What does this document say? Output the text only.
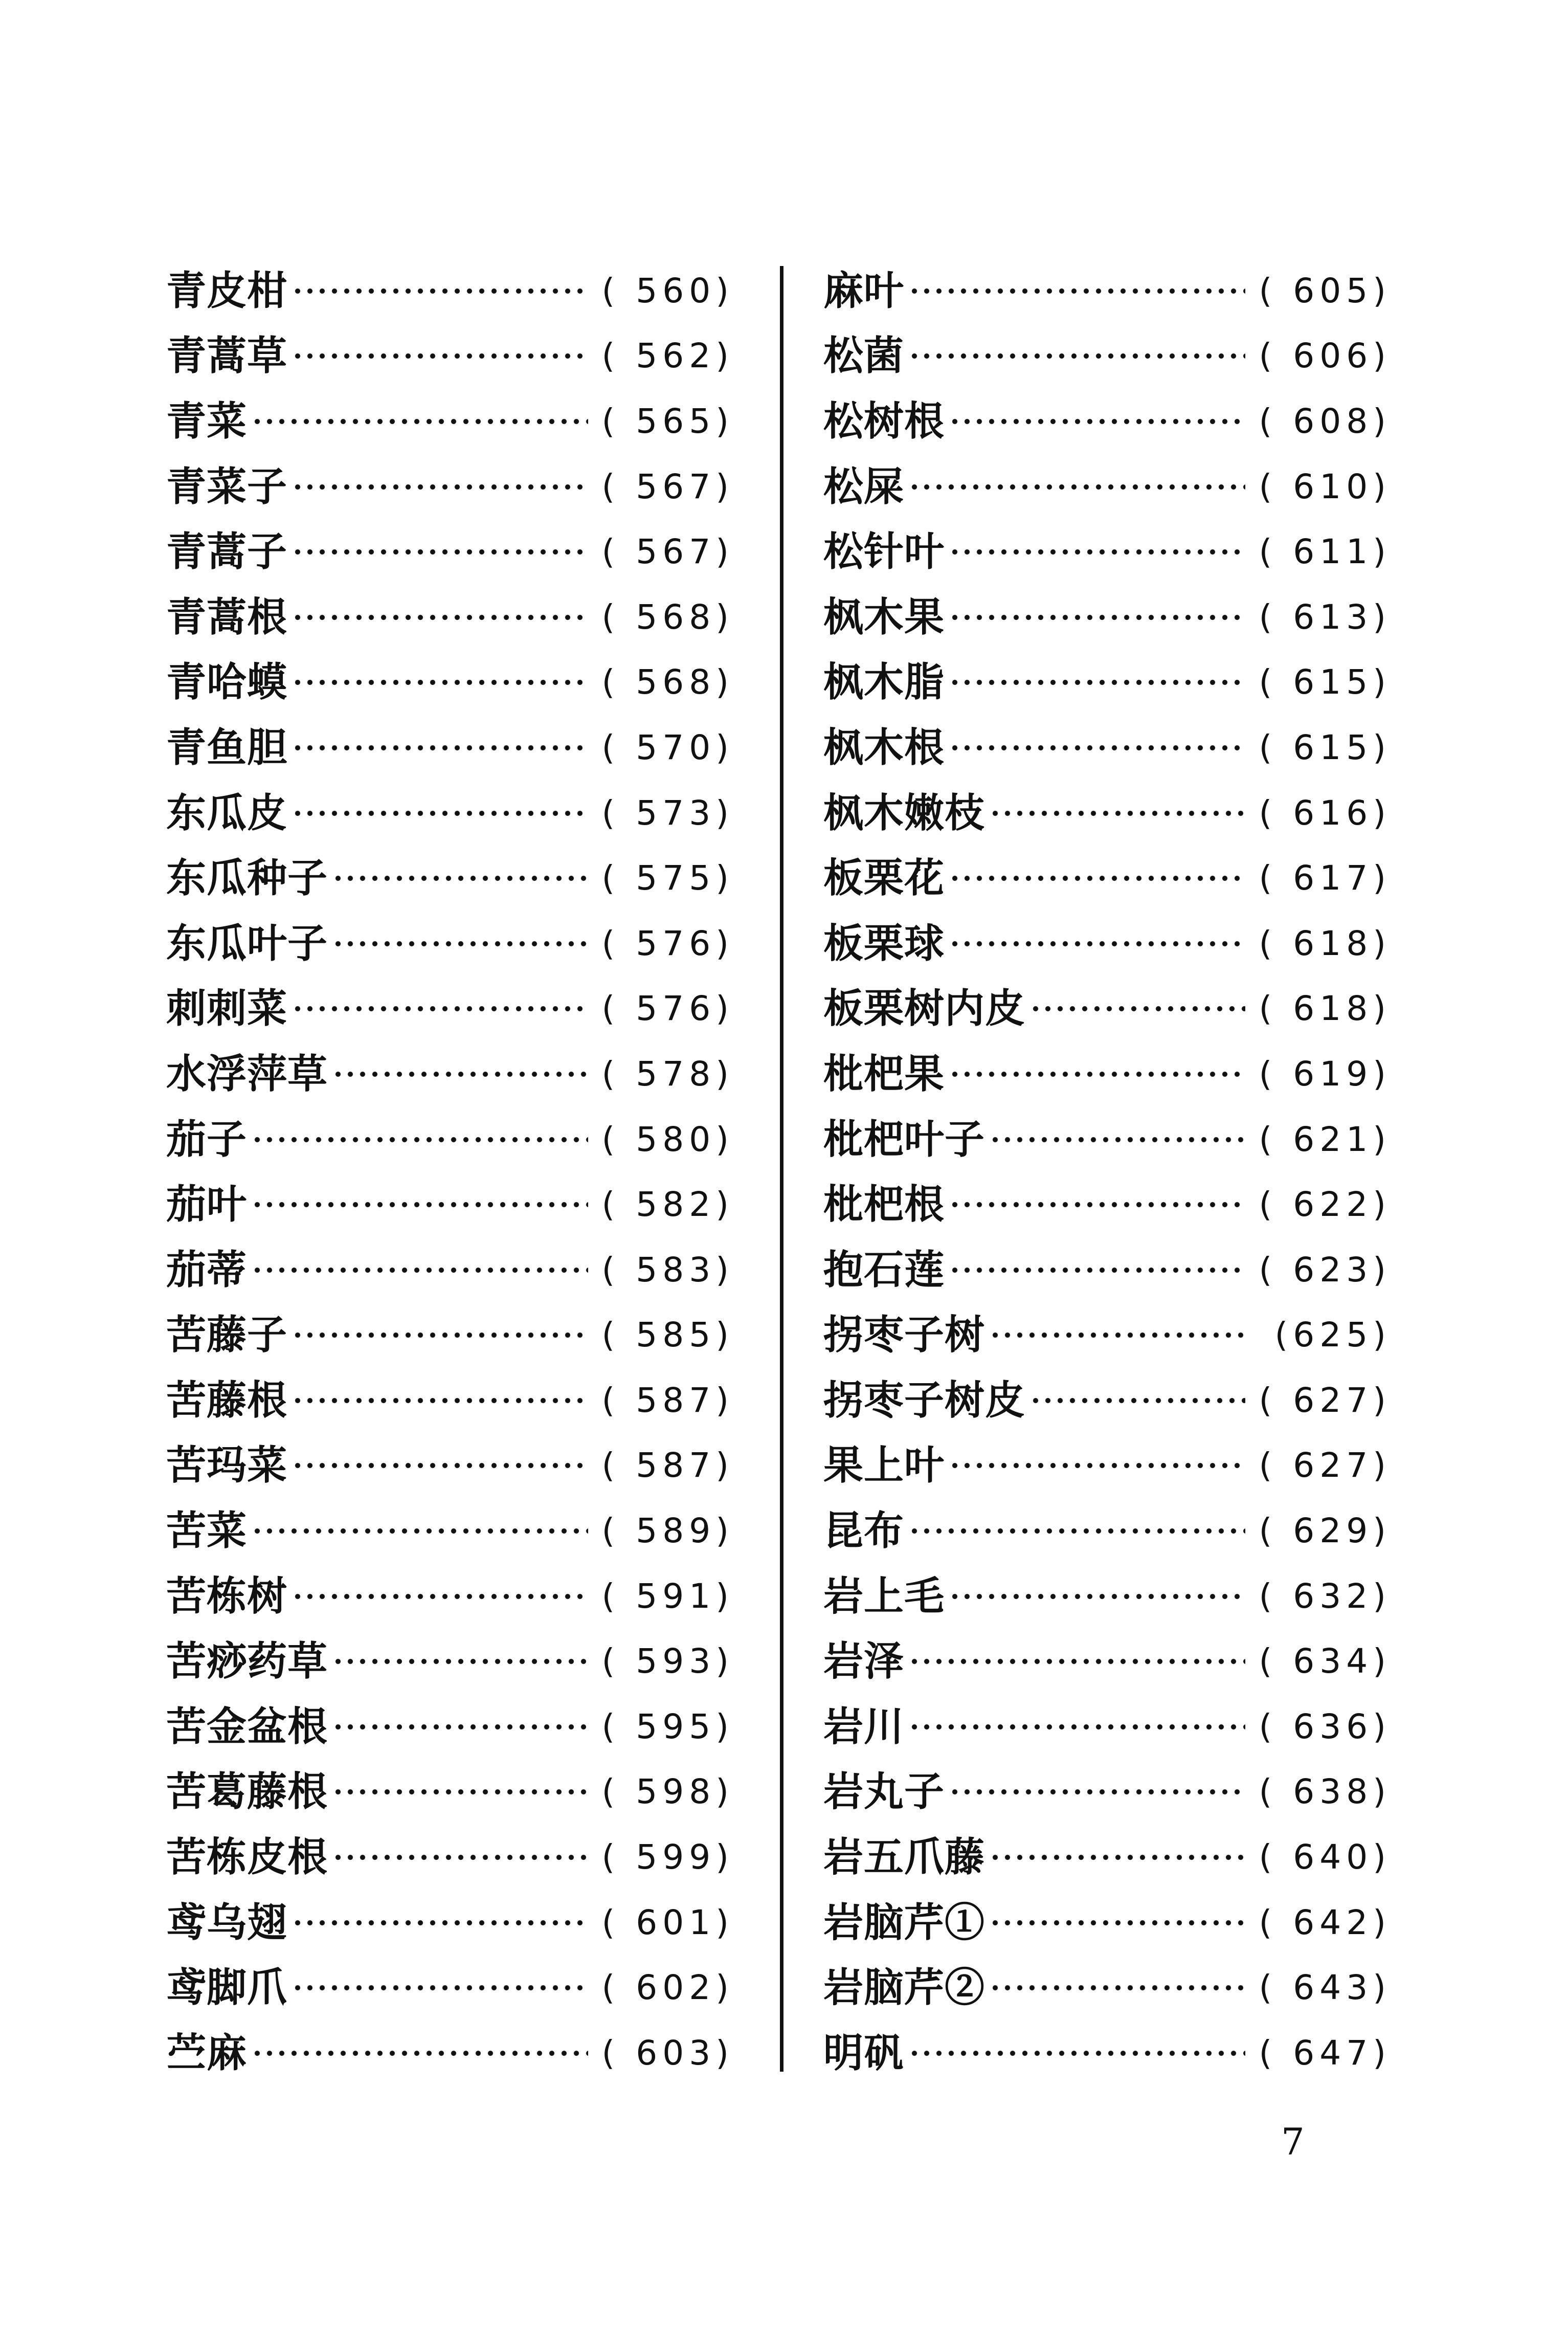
青皮柑	( 560)
青蒿草	( 562)
青菜	( 565)
青菜子	( 567)
青蒿子	( 567)
青蒿根	( 568)
青哈蟆	( 568)
青鱼胆	( 570)
东瓜皮	( 573)
东瓜种子	( 575)
东瓜叶子	( 576)
刺刺菜	( 576)
水浮萍草	( 578)
茄子	( 580)
茄叶	( 582)
茄蒂	( 583)
苦藤子	( 585)
苦藤根	( 587)
苦玛菜	( 587)
苦菜	( 589)
苦栋树	( 591)
苦痧药草	( 593)
苦金盆根	( 595)
苦葛藤根	( 598)
苦栋皮根	( 599)
鸢乌翅	( 601)
鸢脚爪	( 602)
苎麻	( 603)
麻叶	( 605)
松菌	( 606)
松树根	( 608)
松屎	( 610)
松针叶	( 611)
枫木果	( 613)
枫木脂	( 615)
枫木根	( 615)
枫木嫩枝	( 616)
板栗花	( 617)
板栗球	( 618)
板栗树内皮	( 618)
枇杷果	( 619)
枇杷叶子	( 621)
枇杷根	( 622)
抱石莲	( 623)
拐枣子树	(625)
拐枣子树皮	( 627)
果上叶	( 627)
昆布	( 629)
岩上毛	( 632)
岩泽	( 634)
岩川	( 636)
岩丸子	( 638)
岩五爪藤	( 640)
岩脑芹①	( 642)
岩脑芹②	( 643)
明矾	( 647)
7
